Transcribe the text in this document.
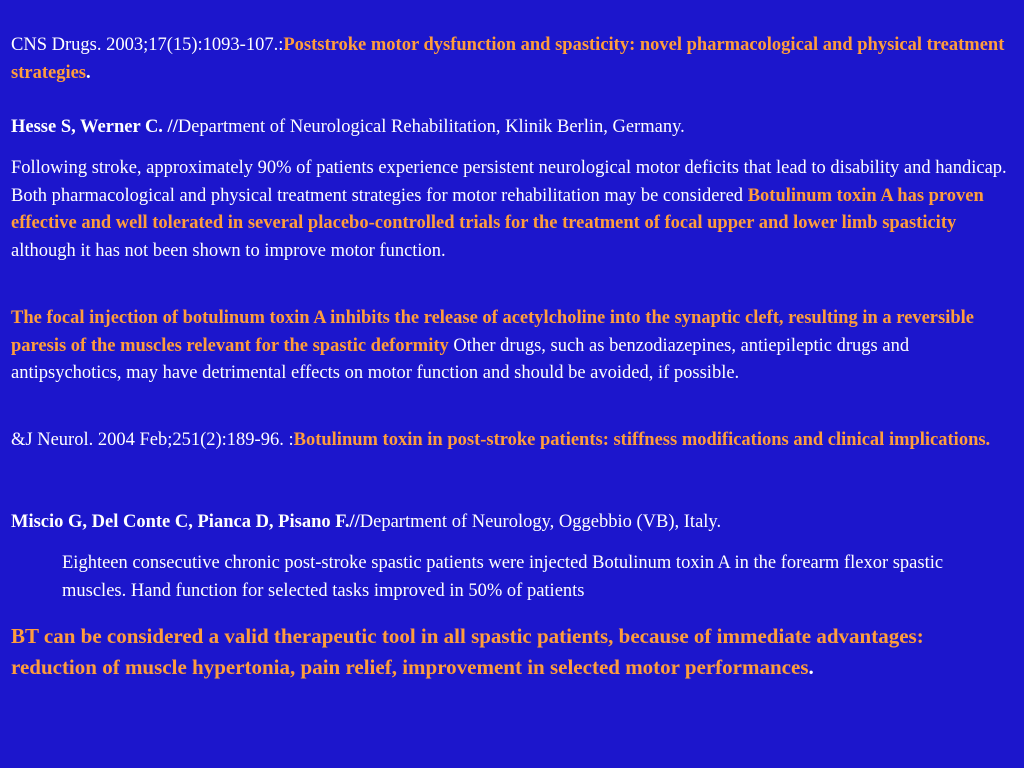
CNS Drugs. 2003;17(15):1093-107.:Poststroke motor dysfunction and spasticity: novel pharmacological and physical treatment strategies.

Hesse S, Werner C. //Department of Neurological Rehabilitation, Klinik Berlin, Germany.

Following stroke, approximately 90% of patients experience persistent neurological motor deficits that lead to disability and handicap. Both pharmacological and physical treatment strategies for motor rehabilitation may be considered Botulinum toxin A has proven effective and well tolerated in several placebo-controlled trials for the treatment of focal upper and lower limb spasticity although it has not been shown to improve motor function.

The focal injection of botulinum toxin A inhibits the release of acetylcholine into the synaptic cleft, resulting in a reversible paresis of the muscles relevant for the spastic deformity Other drugs, such as benzodiazepines, antiepileptic drugs and antipsychotics, may have detrimental effects on motor function and should be avoided, if possible.

&J Neurol. 2004 Feb;251(2):189-96. :Botulinum toxin in post-stroke patients: stiffness modifications and clinical implications.

Miscio G, Del Conte C, Pianca D, Pisano F.//Department of Neurology, Oggebbio (VB), Italy.

Eighteen consecutive chronic post-stroke spastic patients were injected Botulinum toxin A in the forearm flexor spastic muscles. Hand function for selected tasks improved in 50% of patients

BT can be considered a valid therapeutic tool in all spastic patients, because of immediate advantages: reduction of muscle hypertonia, pain relief, improvement in selected motor performances.
